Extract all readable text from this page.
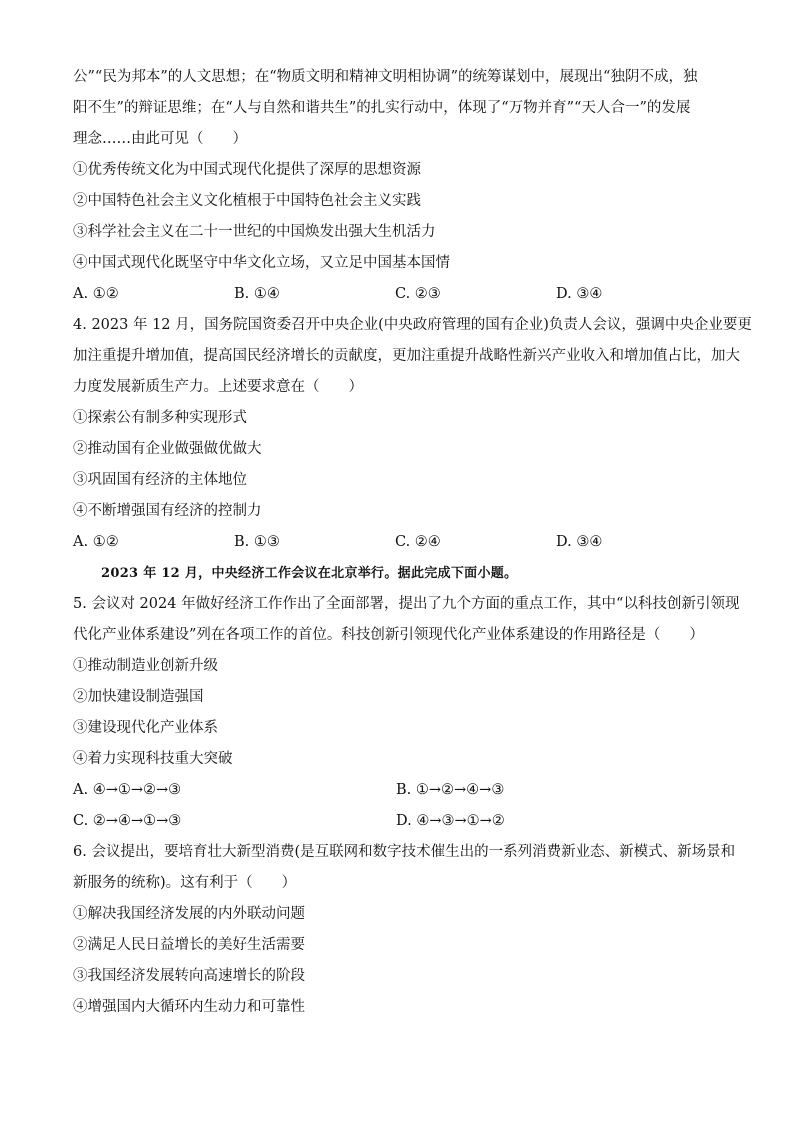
公”“民为邦本”的人文思想；在“物质文明和精神文明相协调”的统筹谋划中，展现出“独阴不成，独
阳不生”的辩证思维；在“人与自然和谐共生”的扎实行动中，体现了“万物并育”“天人合一”的发展
理念……由此可见（　　）
①优秀传统文化为中国式现代化提供了深厚的思想资源
②中国特色社会主义文化植根于中国特色社会主义实践
③科学社会主义在二十一世纪的中国焕发出强大生机活力
④中国式现代化既坚守中华文化立场，又立足中国基本国情
A. ①②	B. ①④	C. ②③	D. ③④
4. 2023 年 12 月，国务院国资委召开中央企业(中央政府管理的国有企业)负责人会议，强调中央企业要更
加注重提升增加值，提高国民经济增长的贡献度，更加注重提升战略性新兴产业收入和增加值占比，加大
力度发展新质生产力。上述要求意在（　　）
①探索公有制多种实现形式
②推动国有企业做强做优做大
③巩固国有经济的主体地位
④不断增强国有经济的控制力
A. ①②	B. ①③	C. ②④	D. ③④
2023 年 12 月，中央经济工作会议在北京举行。据此完成下面小题。
5. 会议对 2024 年做好经济工作作出了全面部署，提出了九个方面的重点工作，其中“以科技创新引领现
代化产业体系建设”列在各项工作的首位。科技创新引领现代化产业体系建设的作用路径是（　　）
①推动制造业创新升级
②加快建设制造强国
③建设现代化产业体系
④着力实现科技重大突破
A. ④→①→②→③	B. ①→②→④→③
C. ②→④→①→③	D. ④→③→①→②
6. 会议提出，要培育壮大新型消费(是互联网和数字技术催生出的一系列消费新业态、新模式、新场景和
新服务的统称)。这有利于（　　）
①解决我国经济发展的内外联动问题
②满足人民日益增长的美好生活需要
③我国经济发展转向高速增长的阶段
④增强国内大循环内生动力和可靠性
